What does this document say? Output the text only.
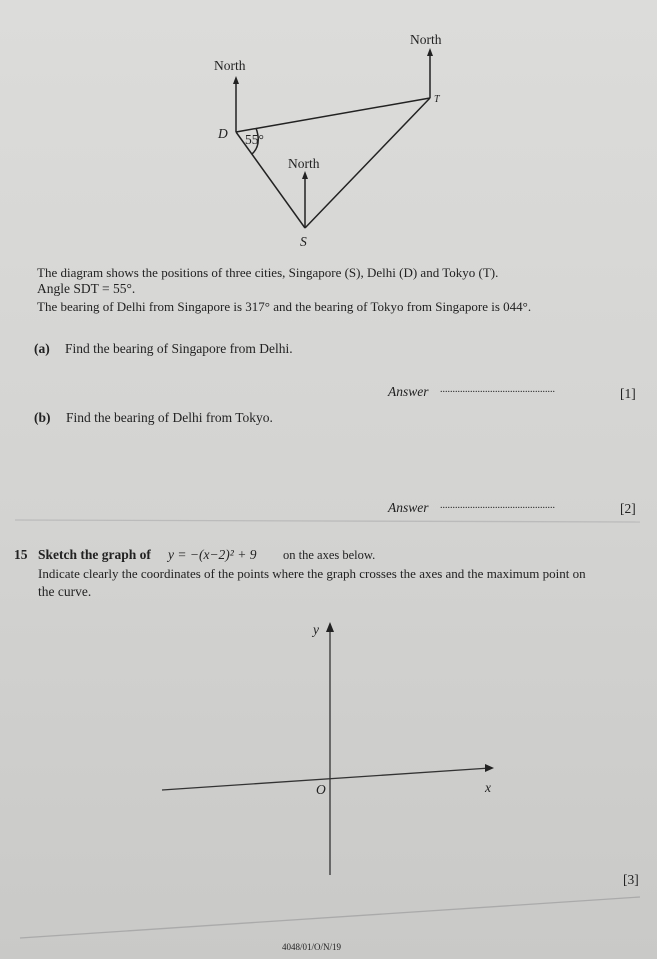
North
North
North
D
T
S
55°
The diagram shows the positions of three cities, Singapore (S), Delhi (D) and Tokyo (T).
Angle SDT = 55°.
The bearing of Delhi from Singapore is 317° and the bearing of Tokyo from Singapore is 044°.
(a) Find the bearing of Singapore from Delhi.
Answer ..............................................	[1]
(b) Find the bearing of Delhi from Tokyo.
Answer ..............................................	[2]
15 Sketch the graph of y = −(x−2)² + 9 on the axes below.
Indicate clearly the coordinates of the points where the graph crosses the axes and the maximum point on
the curve.
y
x
O
[3]
4048/01/O/N/19
